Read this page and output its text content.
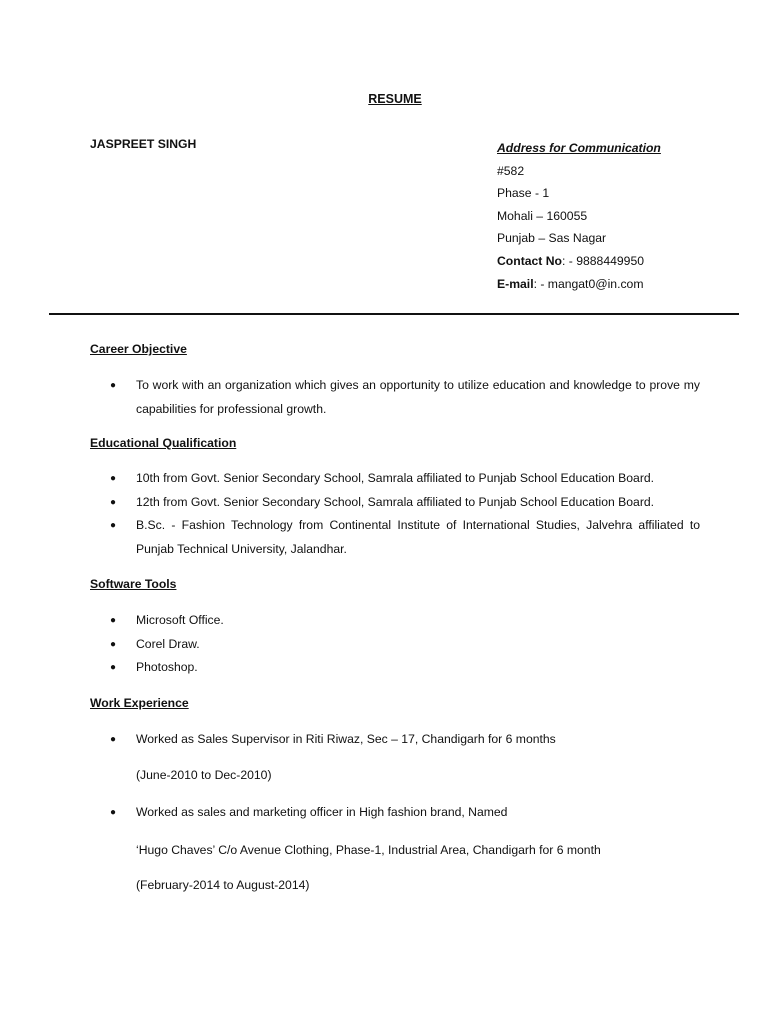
RESUME
JASPREET SINGH	Address for Communication
#582
Phase - 1
Mohali – 160055
Punjab – Sas Nagar
Contact No: - 9888449950
E-mail: - mangat0@in.com
Career Objective
● To work with an organization which gives an opportunity to utilize education and knowledge to prove my capabilities for professional growth.
Educational Qualification
● 10th from Govt. Senior Secondary School, Samrala affiliated to Punjab School Education Board.
● 12th from Govt. Senior Secondary School, Samrala affiliated to Punjab School Education Board.
● B.Sc. - Fashion Technology from Continental Institute of International Studies, Jalvehra affiliated to Punjab Technical University, Jalandhar.
Software Tools
● Microsoft Office.
● Corel Draw.
● Photoshop.
Work Experience
● Worked as Sales Supervisor in Riti Riwaz, Sec – 17, Chandigarh for 6 months
(June-2010 to Dec-2010)
● Worked as sales and marketing officer in High fashion brand, Named
‘Hugo Chaves’ C/o Avenue Clothing, Phase-1, Industrial Area, Chandigarh for 6 month
(February-2014 to August-2014)
